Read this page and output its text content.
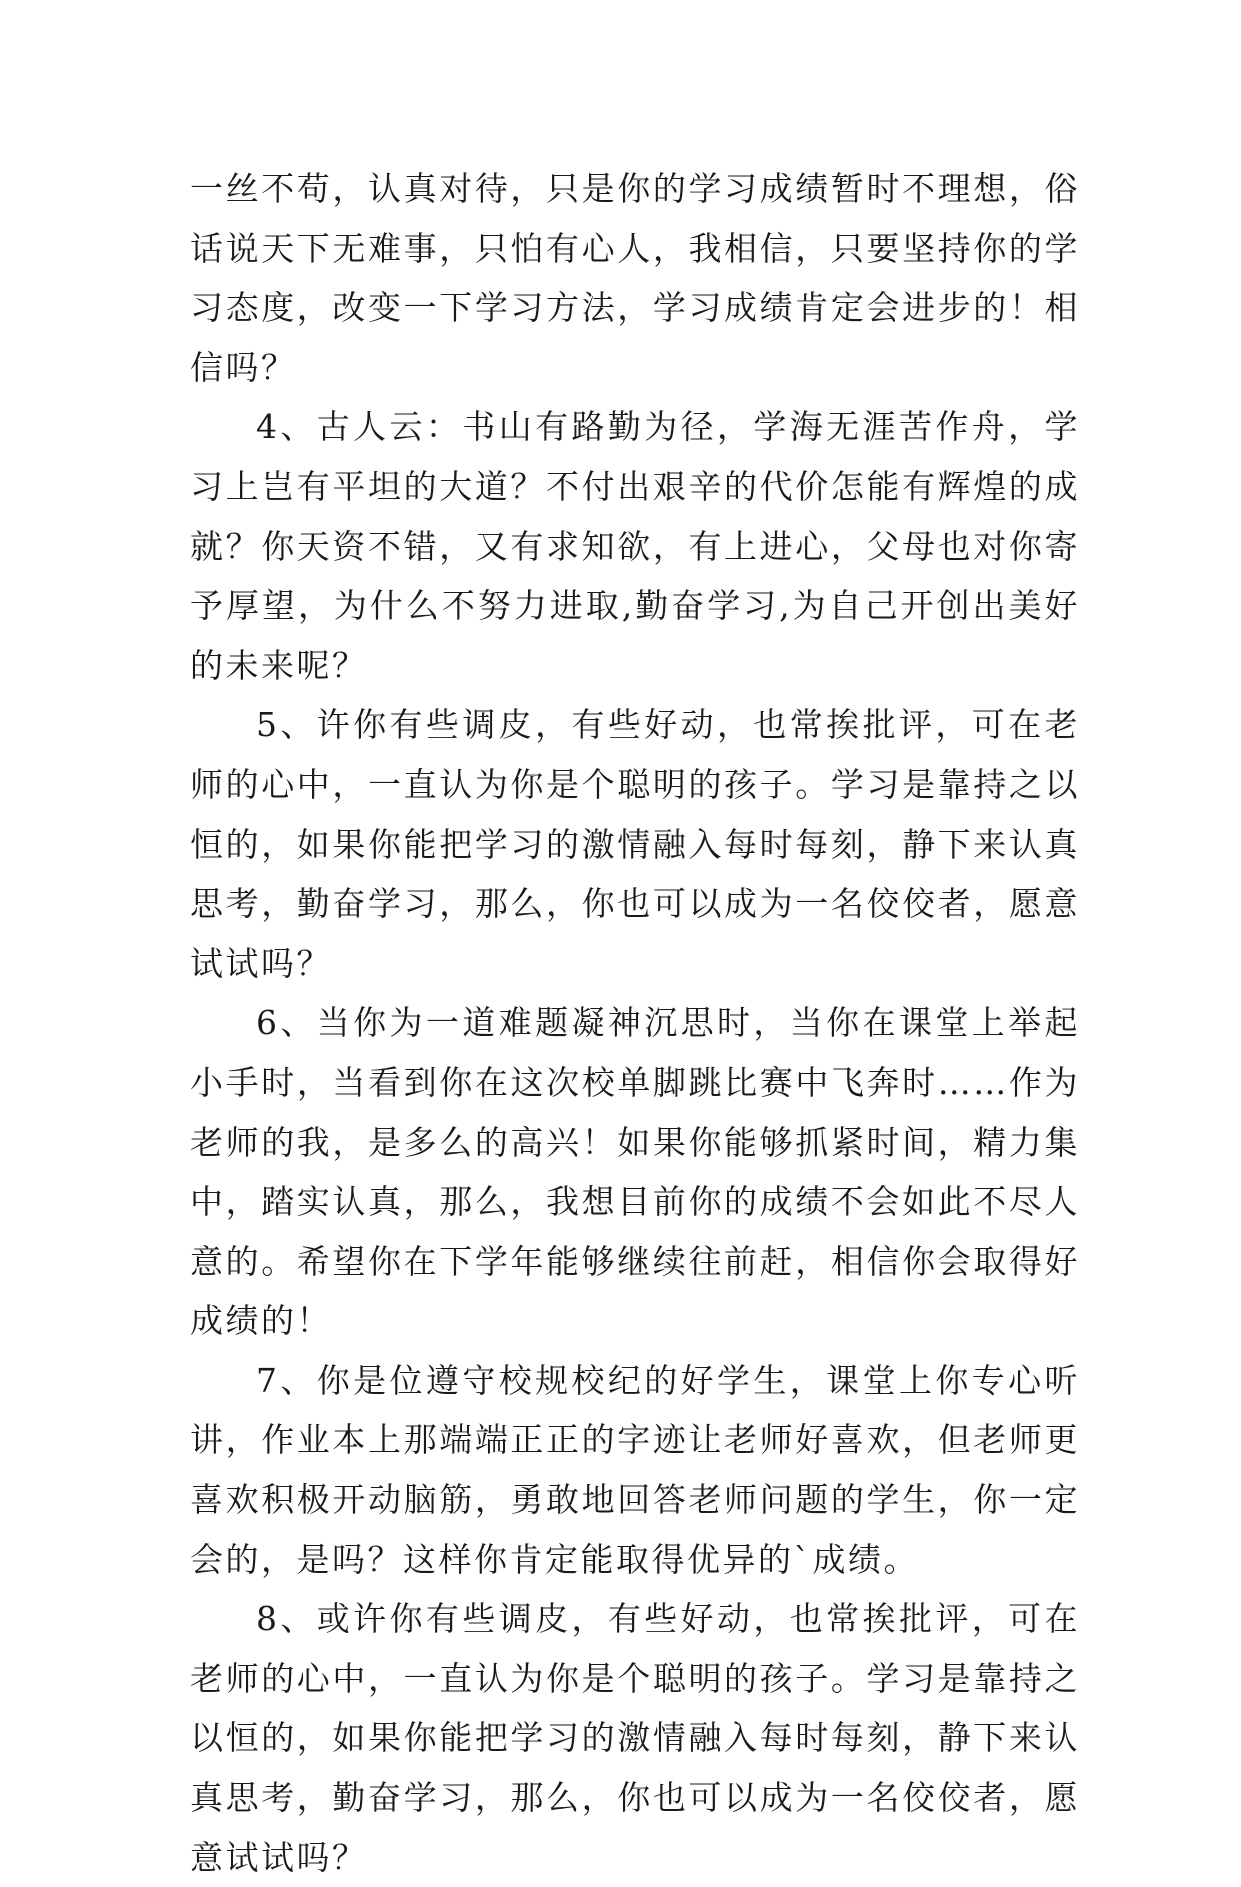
一丝不苟，认真对待，只是你的学习成绩暂时不理想，俗话说天下无难事，只怕有心人，我相信，只要坚持你的学习态度，改变一下学习方法，学习成绩肯定会进步的！相信吗？

4、古人云：书山有路勤为径，学海无涯苦作舟，学习上岂有平坦的大道？不付出艰辛的代价怎能有辉煌的成就？你天资不错，又有求知欲，有上进心，父母也对你寄予厚望，为什么不努力进取,勤奋学习,为自己开创出美好的未来呢？

5、许你有些调皮，有些好动，也常挨批评，可在老师的心中，一直认为你是个聪明的孩子。学习是靠持之以恒的，如果你能把学习的激情融入每时每刻，静下来认真思考，勤奋学习，那么，你也可以成为一名佼佼者，愿意试试吗？

6、当你为一道难题凝神沉思时，当你在课堂上举起小手时，当看到你在这次校单脚跳比赛中飞奔时……作为老师的我，是多么的高兴！如果你能够抓紧时间，精力集中，踏实认真，那么，我想目前你的成绩不会如此不尽人意的。希望你在下学年能够继续往前赶，相信你会取得好成绩的！

7、你是位遵守校规校纪的好学生，课堂上你专心听讲，作业本上那端端正正的字迹让老师好喜欢，但老师更喜欢积极开动脑筋，勇敢地回答老师问题的学生，你一定会的，是吗？这样你肯定能取得优异的`成绩。

8、或许你有些调皮，有些好动，也常挨批评，可在老师的心中，一直认为你是个聪明的孩子。学习是靠持之以恒的，如果你能把学习的激情融入每时每刻，静下来认真思考，勤奋学习，那么，你也可以成为一名佼佼者，愿意试试吗？
